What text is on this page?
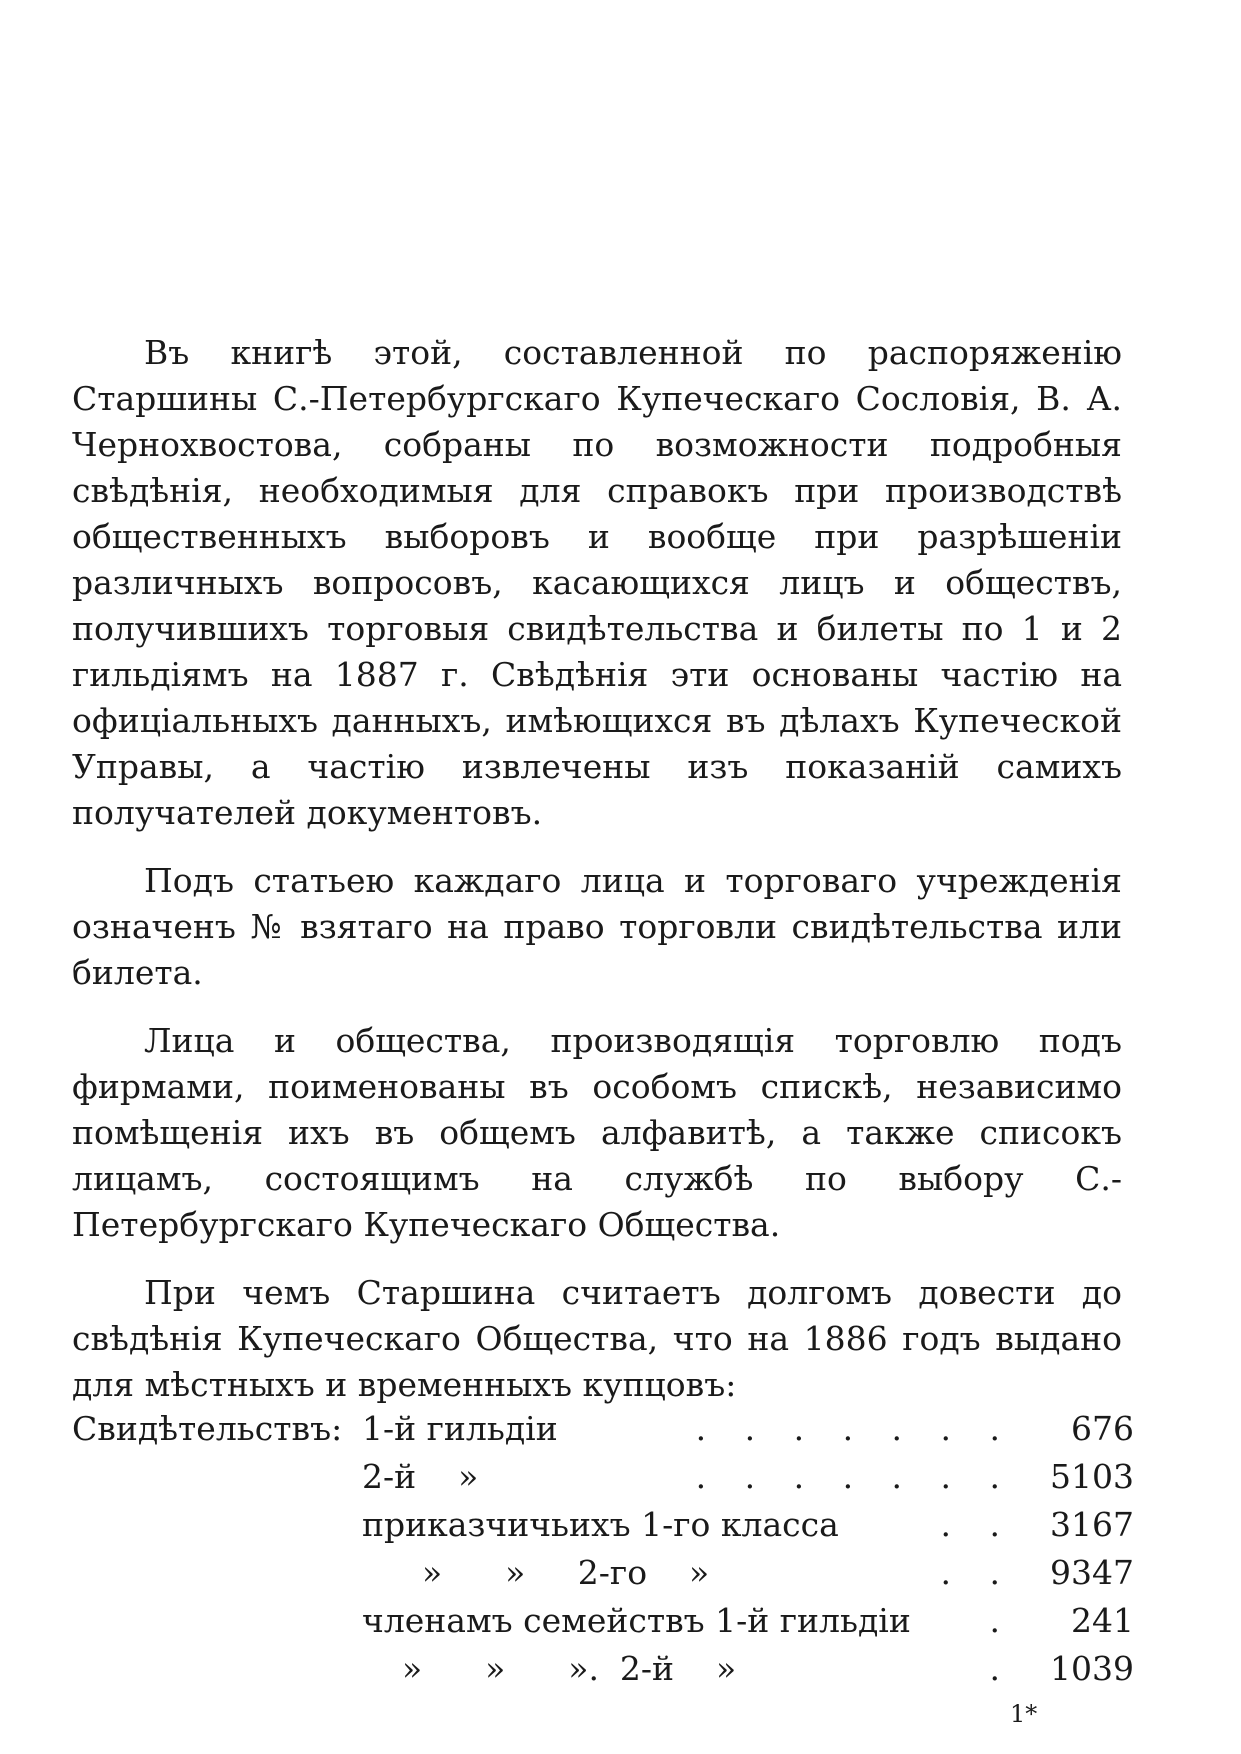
Въ книгѣ этой, составленной по распоряженію Старшины С.-Петербургскаго Купеческаго Сословія, В. А. Чернохвостова, собраны по возможности подробныя свѣдѣнія, необходимыя для справокъ при производствѣ общественныхъ выборовъ и вообще при разрѣшеніи различныхъ вопросовъ, касающихся лицъ и обществъ, получившихъ торговыя свидѣтельства и билеты по 1 и 2 гильдіямъ на 1887 г. Свѣдѣнія эти основаны частію на офиціальныхъ данныхъ, имѣющихся въ дѣлахъ Купеческой Управы, а частію извлечены изъ показаній самихъ получателей документовъ.

Подъ статьею каждаго лица и торговаго учрежденія означенъ № взятаго на право торговли свидѣтельства или билета.

Лица и общества, производящія торговлю подъ фирмами, поименованы въ особомъ спискѣ, независимо помѣщенія ихъ въ общемъ алфавитѣ, а также списокъ лицамъ, состоящимъ на службѣ по выбору С.-Петербургскаго Купеческаго Общества.

При чемъ Старшина считаетъ долгомъ довести до свѣдѣнія Купеческаго Общества, что на 1886 годъ выдано для мѣстныхъ и временныхъ купцовъ:

Свидѣтельствъ: 1-й гильдіи	. . . . . . . 676
2-й    »	. . . . . . . 5103
приказчичьихъ 1-го класса	. . 3167
»      »     2-го    »	. . 9347
членамъ семействъ 1-й гильдіи . 241
»      »      ».  2-й    »	. 1039
1*
